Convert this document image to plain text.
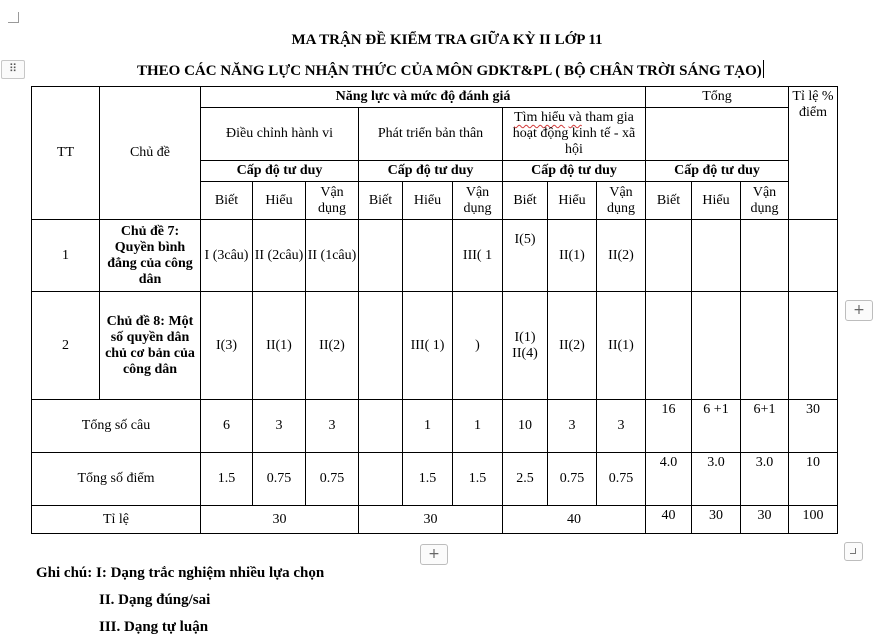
⠿
MA TRẬN ĐỀ KIỂM TRA GIỮA KỲ II LỚP 11
THEO CÁC NĂNG LỰC NHẬN THỨC CỦA MÔN GDKT&PL ( BỘ CHÂN TRỜI SÁNG TẠO)
TT	Chủ đề	Năng lực và mức độ đánh giá									Tổng			Tỉ lệ % điểm
		Điều chỉnh hành vi			Phát triển bản thân			Tìm hiểu và tham gia hoạt động kinh tế - xã hội						
		Cấp độ tư duy			Cấp độ tư duy			Cấp độ tư duy			Cấp độ tư duy			
		Biết	Hiểu	Vận dụng	Biết	Hiểu	Vận dụng	Biết	Hiểu	Vận dụng	Biết	Hiểu	Vận dụng	
1	Chủ đề 7: Quyền bình đẳng của công dân	I (3câu)	II (2câu)	II (1câu)			III( 1	I(5)	II(1)	II(2)				
2	Chủ đề 8: Một số quyền dân chủ cơ bản của công dân	I(3)	II(1)	II(2)		III( 1)	)	I(1) II(4)	II(2)	II(1)				
Tổng số câu		6	3	3		1	1	10	3	3	16	6 +1	6+1	30
Tổng số điểm		1.5	0.75	0.75		1.5	1.5	2.5	0.75	0.75	4.0	3.0	3.0	10
Tỉ lệ		30			30			40			40	30	30	100
+
+
Ghi chú: I: Dạng trắc nghiệm nhiều lựa chọn
II. Dạng đúng/sai
III. Dạng tự luận
